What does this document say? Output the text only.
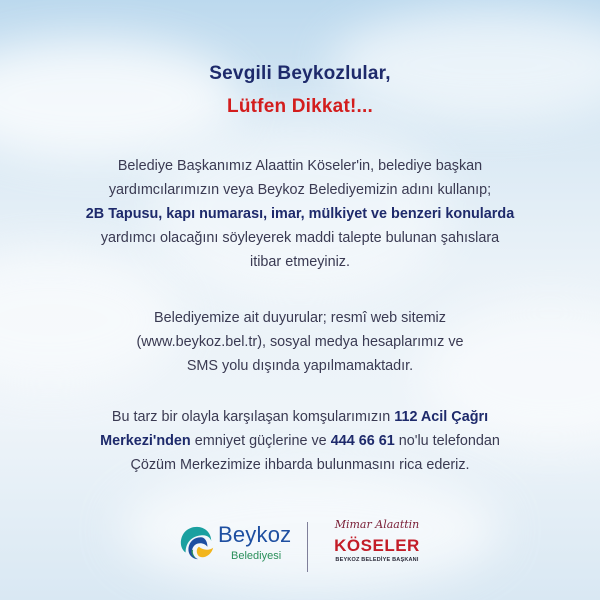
Sevgili Beykozlular,
Lütfen Dikkat!...
Belediye Başkanımız Alaattin Köseler'in, belediye başkan
yardımcılarımızın veya Beykoz Belediyemizin adını kullanıp;
2B Tapusu, kapı numarası, imar, mülkiyet ve benzeri konularda
yardımcı olacağını söyleyerek maddi talepte bulunan şahıslara
itibar etmeyiniz.
Belediyemize ait duyurular; resmî web sitemiz
(www.beykoz.bel.tr), sosyal medya hesaplarımız ve
SMS yolu dışında yapılmamaktadır.
Bu tarz bir olayla karşılaşan komşularımızın 112 Acil Çağrı
Merkezi'nden emniyet güçlerine ve 444 66 61 no'lu telefondan
Çözüm Merkezimize ihbarda bulunmasını rica ederiz.
Beykoz
Belediyesi
Mimar Alaattin
KÖSELER
BEYKOZ BELEDİYE BAŞKANI
